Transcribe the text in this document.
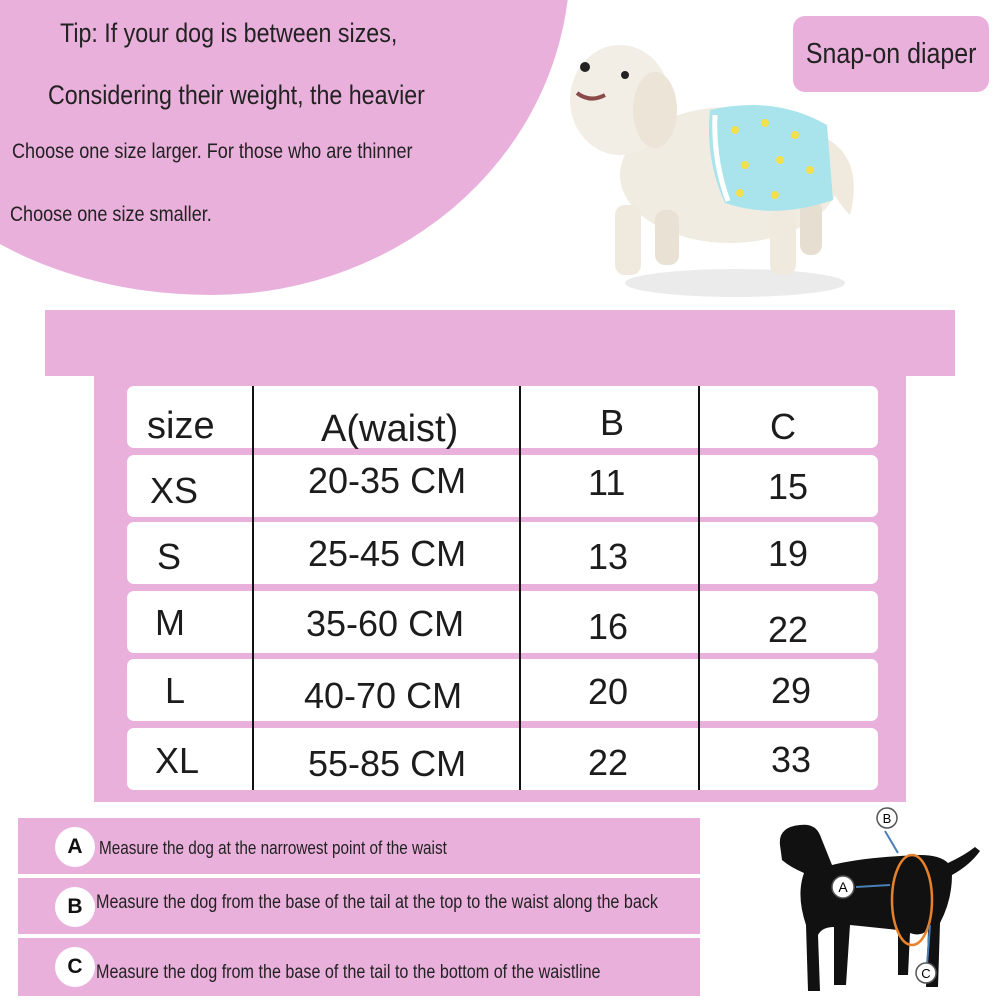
Tip: If your dog is between sizes,
Considering their weight, the heavier
Choose one size larger. For those who are thinner
Choose one size smaller.
Snap-on diaper
size	A(waist)	B	C
XS	20-35 CM	11	15
S	25-45 CM	13	19
M	35-60 CM	16	22
L	40-70 CM	20	29
XL	55-85 CM	22	33
A Measure the dog at the narrowest point of the waist
B Measure the dog from the base of the tail at the top to the waist along the back
C Measure the dog from the base of the tail to the bottom of the waistline
B
A
C
